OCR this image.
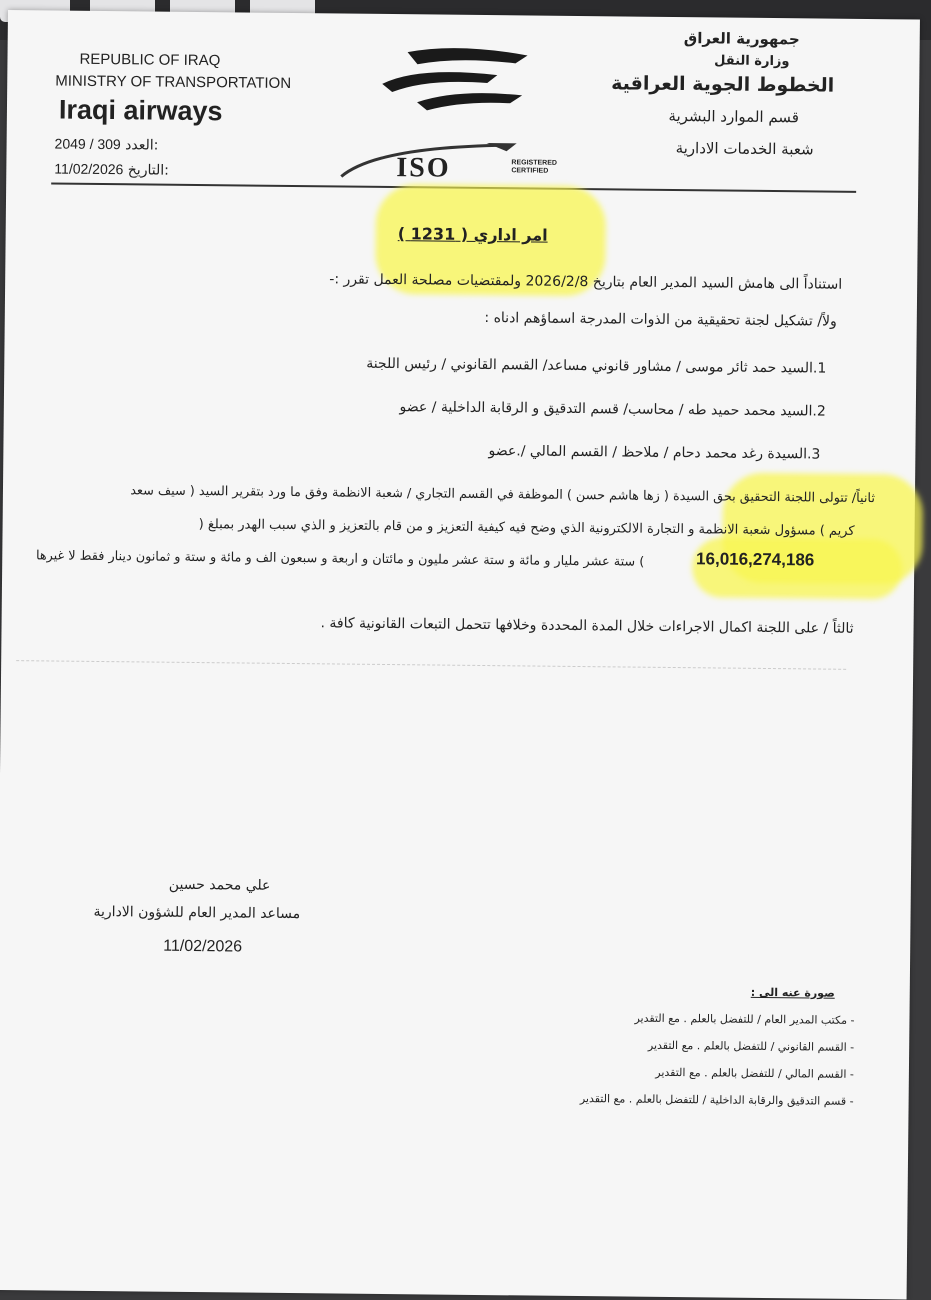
REPUBLIC OF IRAQ
MINISTRY OF TRANSPORTATION
Iraqi airways
2049 / 309 العدد:
11/02/2026 التاريخ:	ISO	REGISTERED CERTIFIED
جمهورية العراق
وزارة النقل
الخطوط الجوية العراقية
قسم الموارد البشرية
شعبة الخدمات الادارية
امر اداري ( 1231 )
استناداً الى هامش السيد المدير العام بتاريخ 2026/2/8 ولمقتضيات مصلحة العمل تقرر :-
ولاً/ تشكيل لجنة تحقيقية من الذوات المدرجة اسماؤهم ادناه :
1.السيد حمد ثائر موسى / مشاور قانوني مساعد/ القسم القانوني / رئيس اللجنة
2.السيد محمد حميد طه / محاسب/ قسم التدقيق و الرقابة الداخلية / عضو
3.السيدة رغد محمد دحام / ملاحظ / القسم المالي /.عضو
ثانياً/ تتولى اللجنة التحقيق بحق السيدة ( زها هاشم حسن ) الموظفة في القسم التجاري / شعبة الانظمة وفق ما ورد بتقرير السيد ( سيف سعد
كريم ) مسؤول شعبة الانظمة و التجارة الالكترونية الذي وضح فيه كيفية التعزيز و من قام بالتعزيز و الذي سبب الهدر بمبلغ (
16,016,274,186
) ستة عشر مليار و مائة و ستة عشر مليون و مائتان و اربعة و سبعون الف و مائة و ستة و ثمانون دينار فقط لا غيرها
ثالثاً / على اللجنة اكمال الاجراءات خلال المدة المحددة وخلافها تتحمل التبعات القانونية كافة .
علي محمد حسين
مساعد المدير العام للشؤون الادارية
11/02/2026
صورة عنه الى :
- مكتب المدير العام / للتفضل بالعلم . مع التقدير
- القسم القانوني / للتفضل بالعلم . مع التقدير
- القسم المالي / للتفضل بالعلم . مع التقدير
- قسم التدقيق والرقابة الداخلية / للتفضل بالعلم . مع التقدير
